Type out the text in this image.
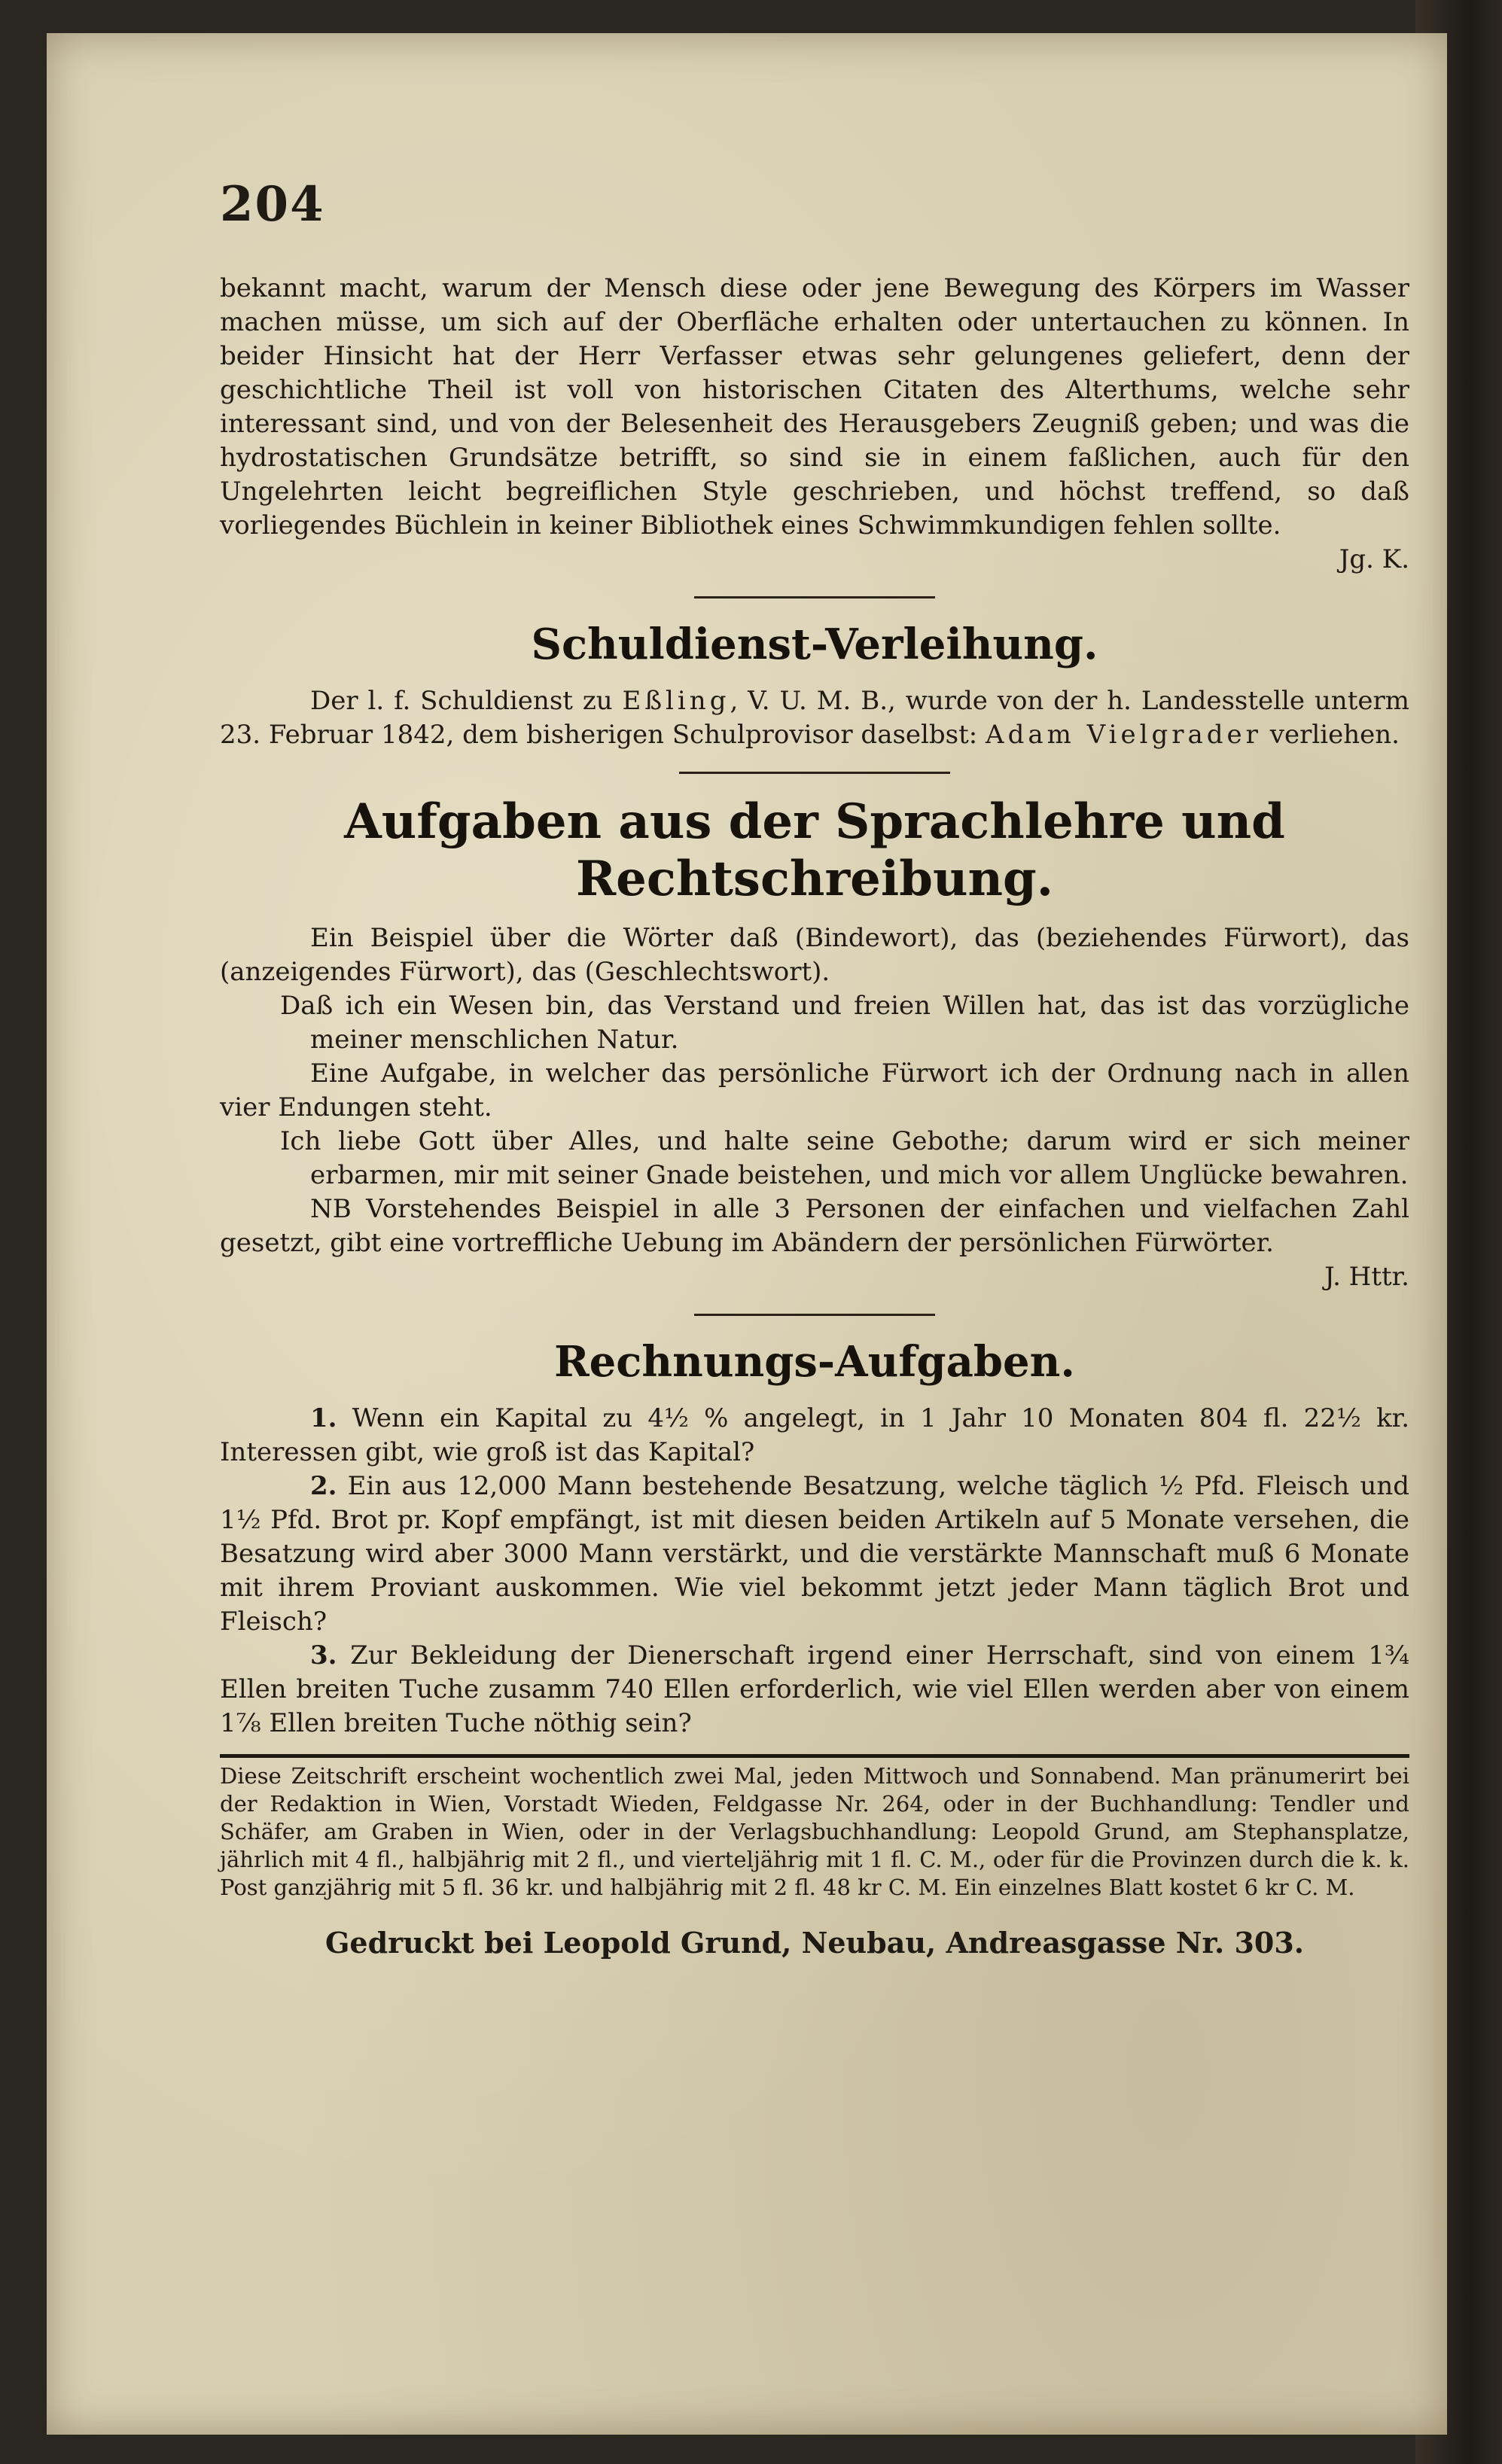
204

bekannt macht, warum der Mensch diese oder jene Bewegung des Körpers im Wasser machen müsse, um sich auf der Oberfläche erhalten oder untertauchen zu können. In beider Hinsicht hat der Herr Verfasser etwas sehr gelungenes geliefert, denn der geschichtliche Theil ist voll von historischen Citaten des Alterthums, welche sehr interessant sind, und von der Belesenheit des Herausgebers Zeugniß geben; und was die hydrostatischen Grundsätze betrifft, so sind sie in einem faßlichen, auch für den Ungelehrten leicht begreiflichen Style geschrieben, und höchst treffend, so daß vorliegendes Büchlein in keiner Bibliothek eines Schwimmkundigen fehlen sollte.

Jg. K.

Schuldienst-Verleihung.

Der l. f. Schuldienst zu Eßling, V. U. M. B., wurde von der h. Landesstelle unterm 23. Februar 1842, dem bisherigen Schulprovisor daselbst: Adam Vielgrader verliehen.

Aufgaben aus der Sprachlehre und Rechtschreibung.

Ein Beispiel über die Wörter daß (Bindewort), das (beziehendes Fürwort), das (anzeigendes Fürwort), das (Geschlechtswort).

Daß ich ein Wesen bin, das Verstand und freien Willen hat, das ist das vorzügliche meiner menschlichen Natur.

Eine Aufgabe, in welcher das persönliche Fürwort ich der Ordnung nach in allen vier Endungen steht.

Ich liebe Gott über Alles, und halte seine Gebothe; darum wird er sich meiner erbarmen, mir mit seiner Gnade beistehen, und mich vor allem Unglücke bewahren.

NB Vorstehendes Beispiel in alle 3 Personen der einfachen und vielfachen Zahl gesetzt, gibt eine vortreffliche Uebung im Abändern der persönlichen Fürwörter.

J. Httr.

Rechnungs-Aufgaben.

1. Wenn ein Kapital zu 4½ % angelegt, in 1 Jahr 10 Monaten 804 fl. 22½ kr. Interessen gibt, wie groß ist das Kapital?

2. Ein aus 12,000 Mann bestehende Besatzung, welche täglich ½ Pfd. Fleisch und 1½ Pfd. Brot pr. Kopf empfängt, ist mit diesen beiden Artikeln auf 5 Monate versehen, die Besatzung wird aber 3000 Mann verstärkt, und die verstärkte Mannschaft muß 6 Monate mit ihrem Proviant auskommen. Wie viel bekommt jetzt jeder Mann täglich Brot und Fleisch?

3. Zur Bekleidung der Dienerschaft irgend einer Herrschaft, sind von einem 1¾ Ellen breiten Tuche zusamm 740 Ellen erforderlich, wie viel Ellen werden aber von einem 1⅞ Ellen breiten Tuche nöthig sein?

Diese Zeitschrift erscheint wochentlich zwei Mal, jeden Mittwoch und Sonnabend. Man pränumerirt bei der Redaktion in Wien, Vorstadt Wieden, Feldgasse Nr. 264, oder in der Buchhandlung: Tendler und Schäfer, am Graben in Wien, oder in der Verlagsbuchhandlung: Leopold Grund, am Stephansplatze, jährlich mit 4 fl., halbjährig mit 2 fl., und vierteljährig mit 1 fl. C. M., oder für die Provinzen durch die k. k. Post ganzjährig mit 5 fl. 36 kr. und halbjährig mit 2 fl. 48 kr C. M. Ein einzelnes Blatt kostet 6 kr C. M.

Gedruckt bei Leopold Grund, Neubau, Andreasgasse Nr. 303.
